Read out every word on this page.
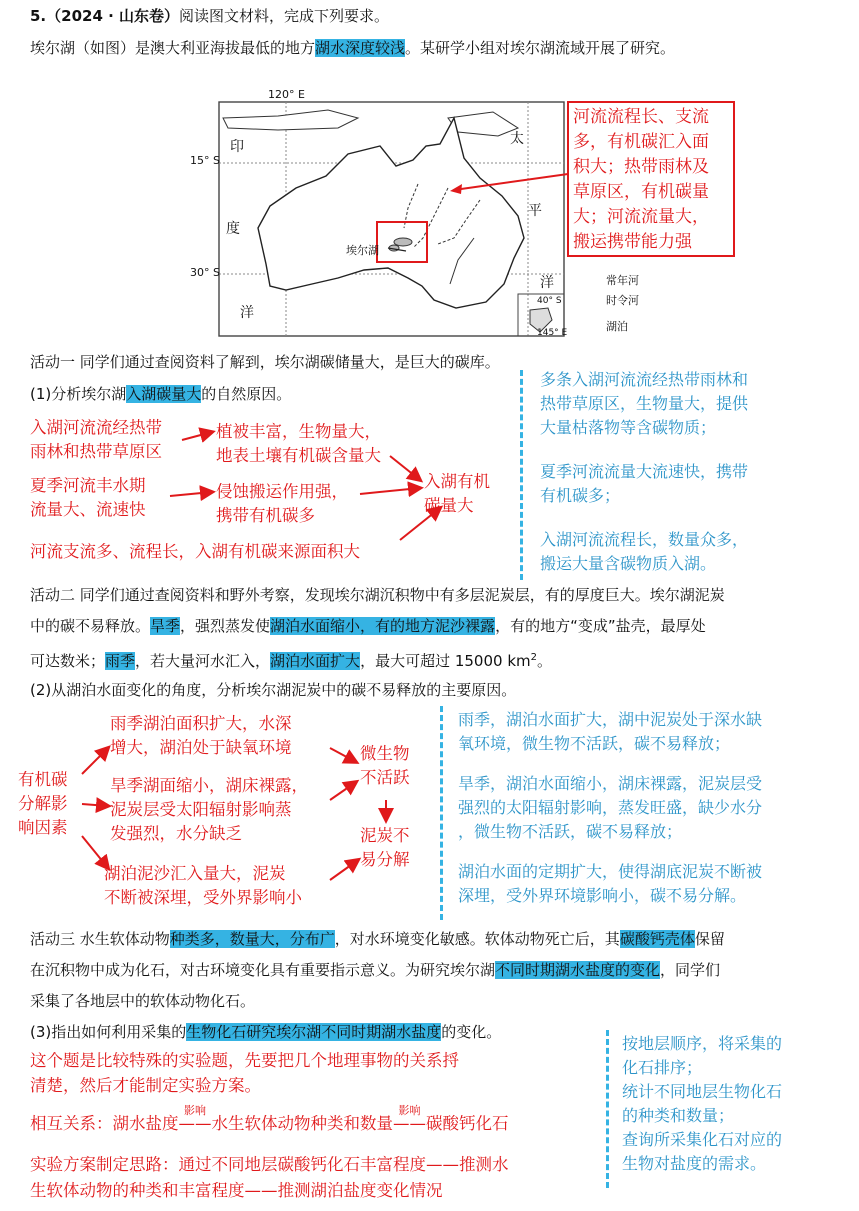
5.（2024 · 山东卷）阅读图文材料，完成下列要求。
埃尔湖（如图）是澳大利亚海拔最低的地方湖水深度较浅。某研学小组对埃尔湖流域开展了研究。
120° E
15° S
30° S
40° S
145° E
印
度
洋
太
平
洋
埃尔湖
常年河
时令河
湖泊
河流流程长、支流
多，有机碳汇入面
积大；热带雨林及
草原区，有机碳量
大；河流流量大，
搬运携带能力强
活动一 同学们通过查阅资料了解到，埃尔湖碳储量大，是巨大的碳库。
(1)分析埃尔湖入湖碳量大的自然原因。
入湖河流流经热带
雨林和热带草原区
夏季河流丰水期
流量大、流速快
河流支流多、流程长，入湖有机碳来源面积大
植被丰富，生物量大，
地表土壤有机碳含量大
侵蚀搬运作用强，
携带有机碳多
入湖有机
碳量大
多条入湖河流流经热带雨林和
热带草原区，生物量大，提供
大量枯落物等含碳物质；
夏季河流流量大流速快，携带
有机碳多；
入湖河流流程长，数量众多，
搬运大量含碳物质入湖。
活动二 同学们通过查阅资料和野外考察，发现埃尔湖沉积物中有多层泥炭层，有的厚度巨大。埃尔湖泥炭
中的碳不易释放。旱季，强烈蒸发使湖泊水面缩小，有的地方泥沙裸露，有的地方“变成”盐壳，最厚处
可达数米；雨季，若大量河水汇入，湖泊水面扩大，最大可超过 15000 $km^2$。
(2)从湖泊水面变化的角度，分析埃尔湖泥炭中的碳不易释放的主要原因。
有机碳
分解影
响因素
雨季湖泊面积扩大，水深
增大，湖泊处于缺氧环境
旱季湖面缩小，湖床裸露，
泥炭层受太阳辐射影响蒸
发强烈，水分缺乏
湖泊泥沙汇入量大，泥炭
不断被深埋，受外界影响小
微生物
不活跃
泥炭不
易分解
雨季，湖泊水面扩大，湖中泥炭处于深水缺
氧环境，微生物不活跃，碳不易释放；
旱季，湖泊水面缩小，湖床裸露，泥炭层受
强烈的太阳辐射影响，蒸发旺盛，缺少水分
，微生物不活跃，碳不易释放；
湖泊水面的定期扩大，使得湖底泥炭不断被
深埋，受外界环境影响小，碳不易分解。
活动三 水生软体动物种类多，数量大，分布广，对水环境变化敏感。软体动物死亡后，其碳酸钙壳体保留
在沉积物中成为化石，对古环境变化具有重要指示意义。为研究埃尔湖不同时期湖水盐度的变化，同学们
采集了各地层中的软体动物化石。
(3)指出如何利用采集的生物化石研究埃尔湖不同时期湖水盐度的变化。
这个题是比较特殊的实验题，先要把几个地理事物的关系捋
清楚，然后才能制定实验方案。
相互关系：湖水盐度——
影响
水生软体动物种类和数量——
影响
碳酸钙化石
实验方案制定思路：通过不同地层碳酸钙化石丰富程度——推测水
生软体动物的种类和丰富程度——推测湖泊盐度变化情况
按地层顺序，将采集的
化石排序；
统计不同地层生物化石
的种类和数量；
查询所采集化石对应的
生物对盐度的需求。
